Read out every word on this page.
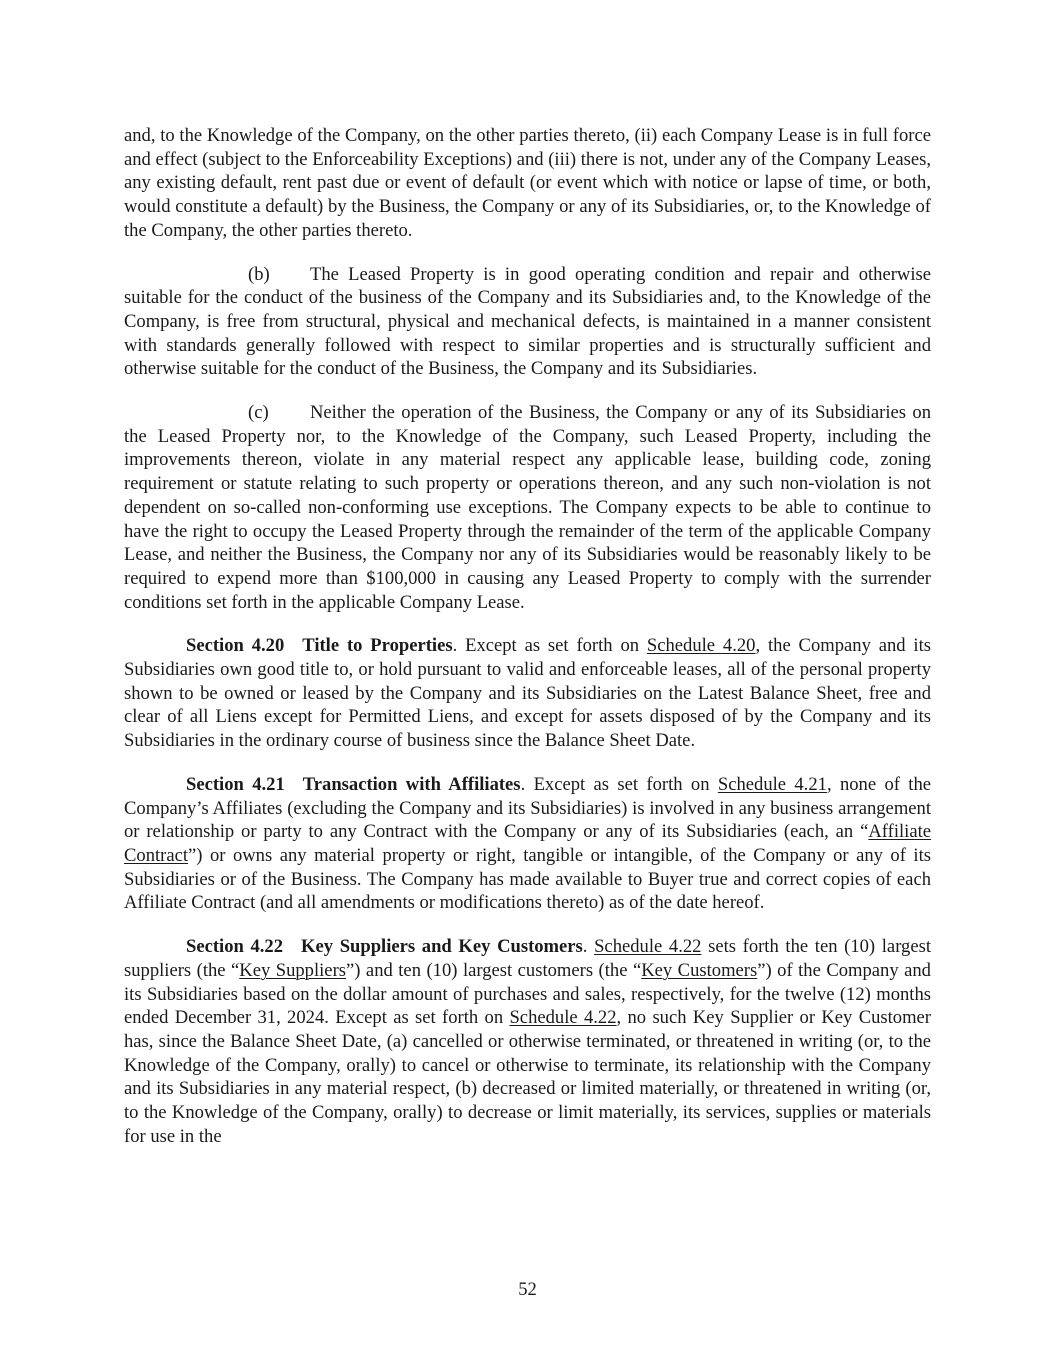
and, to the Knowledge of the Company, on the other parties thereto, (ii) each Company Lease is in full force and effect (subject to the Enforceability Exceptions) and (iii) there is not, under any of the Company Leases, any existing default, rent past due or event of default (or event which with notice or lapse of time, or both, would constitute a default) by the Business, the Company or any of its Subsidiaries, or, to the Knowledge of the Company, the other parties thereto.

(b) The Leased Property is in good operating condition and repair and otherwise suitable for the conduct of the business of the Company and its Subsidiaries and, to the Knowledge of the Company, is free from structural, physical and mechanical defects, is maintained in a manner consistent with standards generally followed with respect to similar properties and is structurally sufficient and otherwise suitable for the conduct of the Business, the Company and its Subsidiaries.

(c) Neither the operation of the Business, the Company or any of its Subsidiaries on the Leased Property nor, to the Knowledge of the Company, such Leased Property, including the improvements thereon, violate in any material respect any applicable lease, building code, zoning requirement or statute relating to such property or operations thereon, and any such non-violation is not dependent on so-called non-conforming use exceptions. The Company expects to be able to continue to have the right to occupy the Leased Property through the remainder of the term of the applicable Company Lease, and neither the Business, the Company nor any of its Subsidiaries would be reasonably likely to be required to expend more than $100,000 in causing any Leased Property to comply with the surrender conditions set forth in the applicable Company Lease.

Section 4.20 Title to Properties. Except as set forth on Schedule 4.20, the Company and its Subsidiaries own good title to, or hold pursuant to valid and enforceable leases, all of the personal property shown to be owned or leased by the Company and its Subsidiaries on the Latest Balance Sheet, free and clear of all Liens except for Permitted Liens, and except for assets disposed of by the Company and its Subsidiaries in the ordinary course of business since the Balance Sheet Date.

Section 4.21 Transaction with Affiliates. Except as set forth on Schedule 4.21, none of the Company’s Affiliates (excluding the Company and its Subsidiaries) is involved in any business arrangement or relationship or party to any Contract with the Company or any of its Subsidiaries (each, an “Affiliate Contract”) or owns any material property or right, tangible or intangible, of the Company or any of its Subsidiaries or of the Business. The Company has made available to Buyer true and correct copies of each Affiliate Contract (and all amendments or modifications thereto) as of the date hereof.

Section 4.22 Key Suppliers and Key Customers. Schedule 4.22 sets forth the ten (10) largest suppliers (the “Key Suppliers”) and ten (10) largest customers (the “Key Customers”) of the Company and its Subsidiaries based on the dollar amount of purchases and sales, respectively, for the twelve (12) months ended December 31, 2024. Except as set forth on Schedule 4.22, no such Key Supplier or Key Customer has, since the Balance Sheet Date, (a) cancelled or otherwise terminated, or threatened in writing (or, to the Knowledge of the Company, orally) to cancel or otherwise to terminate, its relationship with the Company and its Subsidiaries in any material respect, (b) decreased or limited materially, or threatened in writing (or, to the Knowledge of the Company, orally) to decrease or limit materially, its services, supplies or materials for use in the

52
